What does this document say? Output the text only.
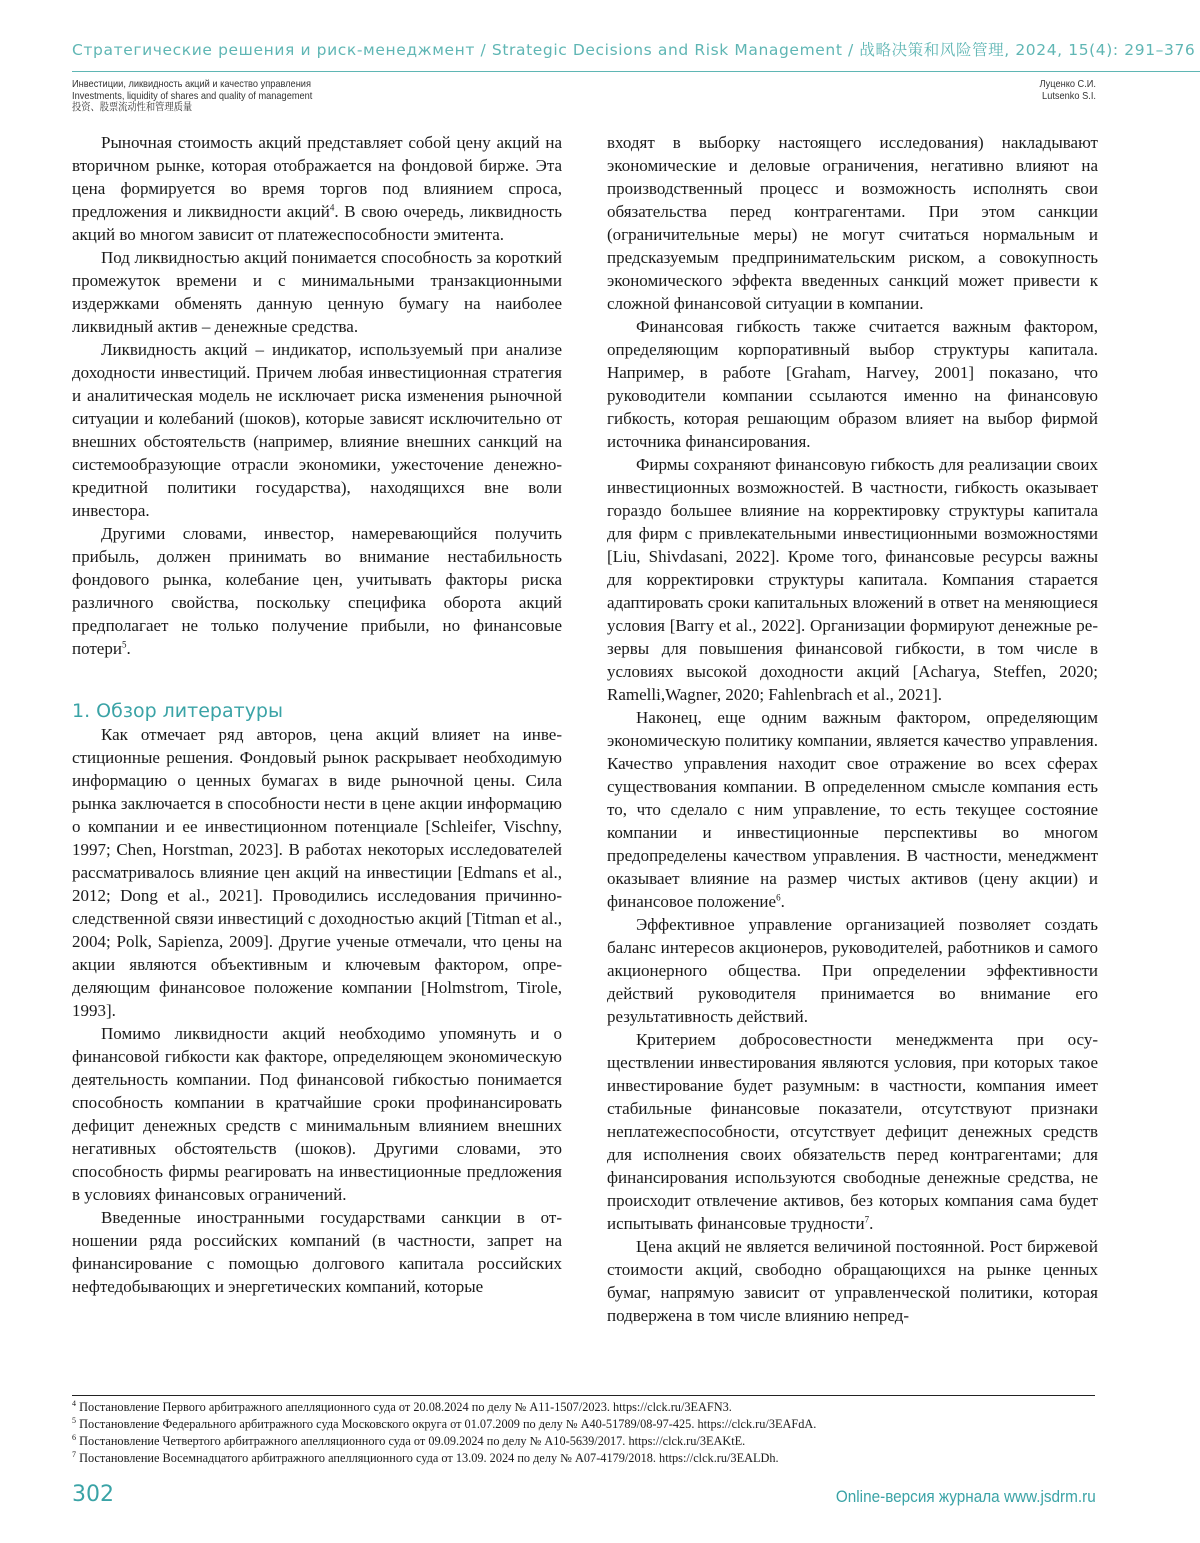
Стратегические решения и риск-менеджмент / Strategic Decisions and Risk Management / 战略决策和风险管理, 2024, 15(4): 291–376
Инвестиции, ликвидность акций и качество управления
Investments, liquidity of shares and quality of management
投资、股票流动性和管理质量
Луценко С.И.
Lutsenko S.I.

Рыночная стоимость акций представляет собой цену акций на вторичном рынке, которая отображается на фондовой бирже. Эта цена формируется во время торгов под влиянием спроса, предложения и ликвидности акций$^4$. В свою очередь, ликвидность акций во многом зависит от платежеспособности эмитента.

Под ликвидностью акций понимается способность за короткий промежуток времени и с минимальными транзакционными издержками обменять данную ценную бумагу на наиболее ликвидный актив – денежные средства.

Ликвидность акций – индикатор, используемый при анализе доходности инвестиций. Причем любая инвестиционная стратегия и аналитическая модель не исключает риска изменения рыночной ситуации и колебаний (шоков), которые зависят исключительно от внешних обстоятельств (например, влияние внешних санкций на системообразующие отрасли экономики, ужесточение денежно-кредитной политики государства), находящихся вне воли инвестора.

Другими словами, инвестор, намеревающийся получить прибыль, должен принимать во внимание нестабильность фондового рынка, колебание цен, учитывать факторы риска различного свойства, поскольку специфика оборота акций предполагает не только получение прибыли, но финансовые потери$^5$.

1. Обзор литературы

Как отмечает ряд авторов, цена акций влияет на инвестиционные решения. Фондовый рынок раскрывает необходимую информацию о ценных бумагах в виде рыночной цены. Сила рынка заключается в способности нести в цене акции информацию о компании и ее инвестиционном потенциале [Schleifer, Vischny, 1997; Chen, Horstman, 2023]. В работах некоторых исследователей рассматривалось влияние цен акций на инвестиции [Edmans et al., 2012; Dong et al., 2021]. Проводились исследования причинно-следственной связи инвестиций с доходностью акций [Titman et al., 2004; Polk, Sapienza, 2009]. Другие ученые отмечали, что цены на акции являются объективным и ключевым фактором, определяющим финансовое положение компании [Holmstrom, Tirole, 1993].

Помимо ликвидности акций необходимо упомянуть и о финансовой гибкости как факторе, определяющем экономическую деятельность компании. Под финансовой гибкостью понимается способность компании в кратчайшие сроки профинансировать дефицит денежных средств с минимальным влиянием внешних негативных обстоятельств (шоков). Другими словами, это способность фирмы реагировать на инвестиционные предложения в условиях финансовых ограничений.

Введенные иностранными государствами санкции в отношении ряда российских компаний (в частности, запрет на финансирование с помощью долгового капитала российских нефтедобывающих и энергетических компаний, которые

входят в выборку настоящего исследования) накладывают экономические и деловые ограничения, негативно влияют на производственный процесс и возможность исполнять свои обязательства перед контрагентами. При этом санкции (ограничительные меры) не могут считаться нормальным и предсказуемым предпринимательским риском, а совокупность экономического эффекта введенных санкций может привести к сложной финансовой ситуации в компании.

Финансовая гибкость также считается важным фактором, определяющим корпоративный выбор структуры капитала. Например, в работе [Graham, Harvey, 2001] показано, что руководители компании ссылаются именно на финансовую гибкость, которая решающим образом влияет на выбор фирмой источника финансирования.

Фирмы сохраняют финансовую гибкость для реализации своих инвестиционных возможностей. В частности, гибкость оказывает гораздо большее влияние на корректировку структуры капитала для фирм с привлекательными инвестиционными возможностями [Liu, Shivdasani, 2022]. Кроме того, финансовые ресурсы важны для корректировки структуры капитала. Компания старается адаптировать сроки капитальных вложений в ответ на меняющиеся условия [Barry et al., 2022]. Организации формируют денежные резервы для повышения финансовой гибкости, в том числе в условиях высокой доходности акций [Acharya, Steffen, 2020; Ramelli,Wagner, 2020; Fahlenbrach et al., 2021].

Наконец, еще одним важным фактором, определяющим экономическую политику компании, является качество управления. Качество управления находит свое отражение во всех сферах существования компании. В определенном смысле компания есть то, что сделало с ним управление, то есть текущее состояние компании и инвестиционные перспективы во многом предопределены качеством управления. В частности, менеджмент оказывает влияние на размер чистых активов (цену акции) и финансовое положение$^6$.

Эффективное управление организацией позволяет создать баланс интересов акционеров, руководителей, работников и самого акционерного общества. При определении эффективности действий руководителя принимается во внимание его результативность действий.

Критерием добросовестности менеджмента при осуществлении инвестирования являются условия, при которых такое инвестирование будет разумным: в частности, компания имеет стабильные финансовые показатели, отсутствуют признаки неплатежеспособности, отсутствует дефицит денежных средств для исполнения своих обязательств перед контрагентами; для финансирования используются свободные денежные средства, не происходит отвлечение активов, без которых компания сама будет испытывать финансовые трудности$^7$.

Цена акций не является величиной постоянной. Рост биржевой стоимости акций, свободно обращающихся на рынке ценных бумаг, напрямую зависит от управленческой политики, которая подвержена в том числе влиянию непред-

$^4$ Постановление Первого арбитражного апелляционного суда от 20.08.2024 по делу № А11-1507/2023. https://clck.ru/3EAFN3.
$^5$ Постановление Федерального арбитражного суда Московского округа от 01.07.2009 по делу № А40-51789/08-97-425. https://clck.ru/3EAFdA.
$^6$ Постановление Четвертого арбитражного апелляционного суда от 09.09.2024 по делу № А10-5639/2017. https://clck.ru/3EAKtE.
$^7$ Постановление Восемнадцатого арбитражного апелляционного суда от 13.09. 2024 по делу № А07-4179/2018. https://clck.ru/3EALDh.
302	Online-версия журнала www.jsdrm.ru
